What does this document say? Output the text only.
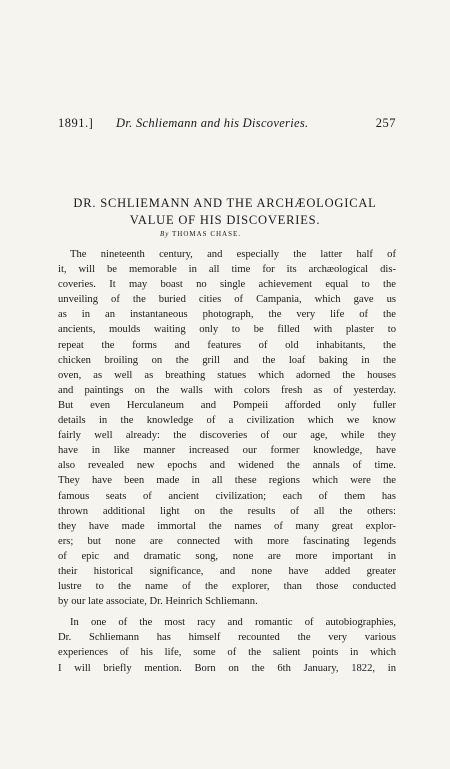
1891.] Dr. Schliemann and his Discoveries.	257
DR. SCHLIEMANN AND THE ARCHÆOLOGICAL
VALUE OF HIS DISCOVERIES.
By THOMAS CHASE.
The nineteenth century, and especially the latter half of
it, will be memorable in all time for its archæological dis-
coveries. It may boast no single achievement equal to the
unveiling of the buried cities of Campania, which gave us
as in an instantaneous photograph, the very life of the
ancients, moulds waiting only to be filled with plaster to
repeat the forms and features of old inhabitants, the
chicken broiling on the grill and the loaf baking in the
oven, as well as breathing statues which adorned the houses
and paintings on the walls with colors fresh as of yesterday.
But even Herculaneum and Pompeii afforded only fuller
details in the knowledge of a civilization which we know
fairly well already: the discoveries of our age, while they
have in like manner increased our former knowledge, have
also revealed new epochs and widened the annals of time.
They have been made in all these regions which were the
famous seats of ancient civilization; each of them has
thrown additional light on the results of all the others:
they have made immortal the names of many great explor-
ers; but none are connected with more fascinating legends
of epic and dramatic song, none are more important in
their historical significance, and none have added greater
lustre to the name of the explorer, than those conducted
by our late associate, Dr. Heinrich Schliemann.
In one of the most racy and romantic of autobiographies,
Dr. Schliemann has himself recounted the very various
experiences of his life, some of the salient points in which
I will briefly mention. Born on the 6th January, 1822, in
